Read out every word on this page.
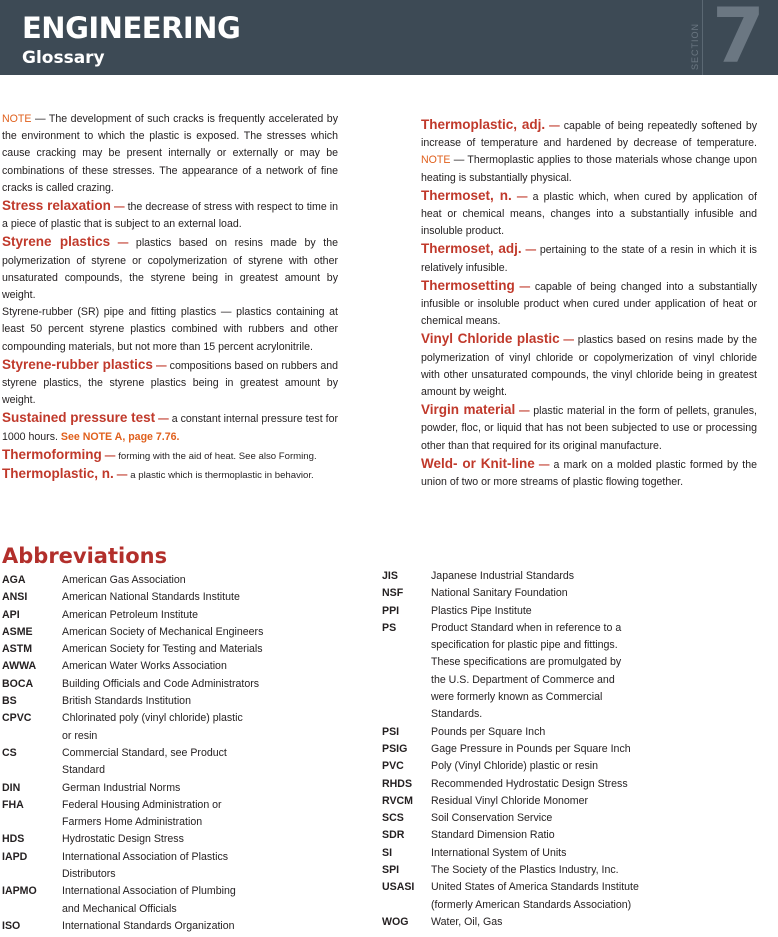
ENGINEERING
Glossary	SECTION 7

NOTE — The development of such cracks is frequently accelerated by the environment to which the plastic is exposed. The stresses which cause cracking may be present internally or externally or may be combinations of these stresses. The appearance of a network of fine cracks is called crazing.

Stress relaxation — the decrease of stress with respect to time in a piece of plastic that is subject to an external load.

Styrene plastics — plastics based on resins made by the polymerization of styrene or copolymerization of styrene with other unsaturated compounds, the styrene being in greatest amount by weight.

Styrene-rubber (SR) pipe and fitting plastics — plastics containing at least 50 percent styrene plastics combined with rubbers and other compounding materials, but not more than 15 percent acrylonitrile.

Styrene-rubber plastics — compositions based on rubbers and styrene plastics, the styrene plastics being in greatest amount by weight.

Sustained pressure test — a constant internal pressure test for 1000 hours. See NOTE A, page 7.76.

Thermoforming — forming with the aid of heat. See also Forming.

Thermoplastic, n. — a plastic which is thermoplastic in behavior.

Thermoplastic, adj. — capable of being repeatedly softened by increase of temperature and hardened by decrease of temperature. NOTE — Thermoplastic applies to those materials whose change upon heating is substantially physical.

Thermoset, n. — a plastic which, when cured by application of heat or chemical means, changes into a substantially infusible and insoluble product.

Thermoset, adj. — pertaining to the state of a resin in which it is relatively infusible.

Thermosetting — capable of being changed into a substantially infusible or insoluble product when cured under application of heat or chemical means.

Vinyl Chloride plastic — plastics based on resins made by the polymerization of vinyl chloride or copolymerization of vinyl chloride with other unsaturated compounds, the vinyl chloride being in greatest amount by weight.

Virgin material — plastic material in the form of pellets, granules, powder, floc, or liquid that has not been subjected to use or processing other than that required for its original manufacture.

Weld- or Knit-line — a mark on a molded plastic formed by the union of two or more streams of plastic flowing together.

Abbreviations
AGA	American Gas Association
ANSI	American National Standards Institute
API	American Petroleum Institute
ASME	American Society of Mechanical Engineers
ASTM	American Society for Testing and Materials
AWWA	American Water Works Association
BOCA	Building Officials and Code Administrators
BS	British Standards Institution
CPVC	Chlorinated poly (vinyl chloride) plastic
or resin
CS	Commercial Standard, see Product
Standard
DIN	German Industrial Norms
FHA	Federal Housing Administration or
Farmers Home Administration
HDS	Hydrostatic Design Stress
IAPD	International Association of Plastics
Distributors
IAPMO	International Association of Plumbing
and Mechanical Officials
ISO	International Standards Organization
JIS	Japanese Industrial Standards
NSF	National Sanitary Foundation
PPI	Plastics Pipe Institute
PS	Product Standard when in reference to a
specification for plastic pipe and fittings.
These specifications are promulgated by
the U.S. Department of Commerce and
were formerly known as Commercial
Standards.
PSI	Pounds per Square Inch
PSIG	Gage Pressure in Pounds per Square Inch
PVC	Poly (Vinyl Chloride) plastic or resin
RHDS	Recommended Hydrostatic Design Stress
RVCM	Residual Vinyl Chloride Monomer
SCS	Soil Conservation Service
SDR	Standard Dimension Ratio
SI	International System of Units
SPI	The Society of the Plastics Industry, Inc.
USASI	United States of America Standards Institute
(formerly American Standards Association)
WOG	Water, Oil, Gas
